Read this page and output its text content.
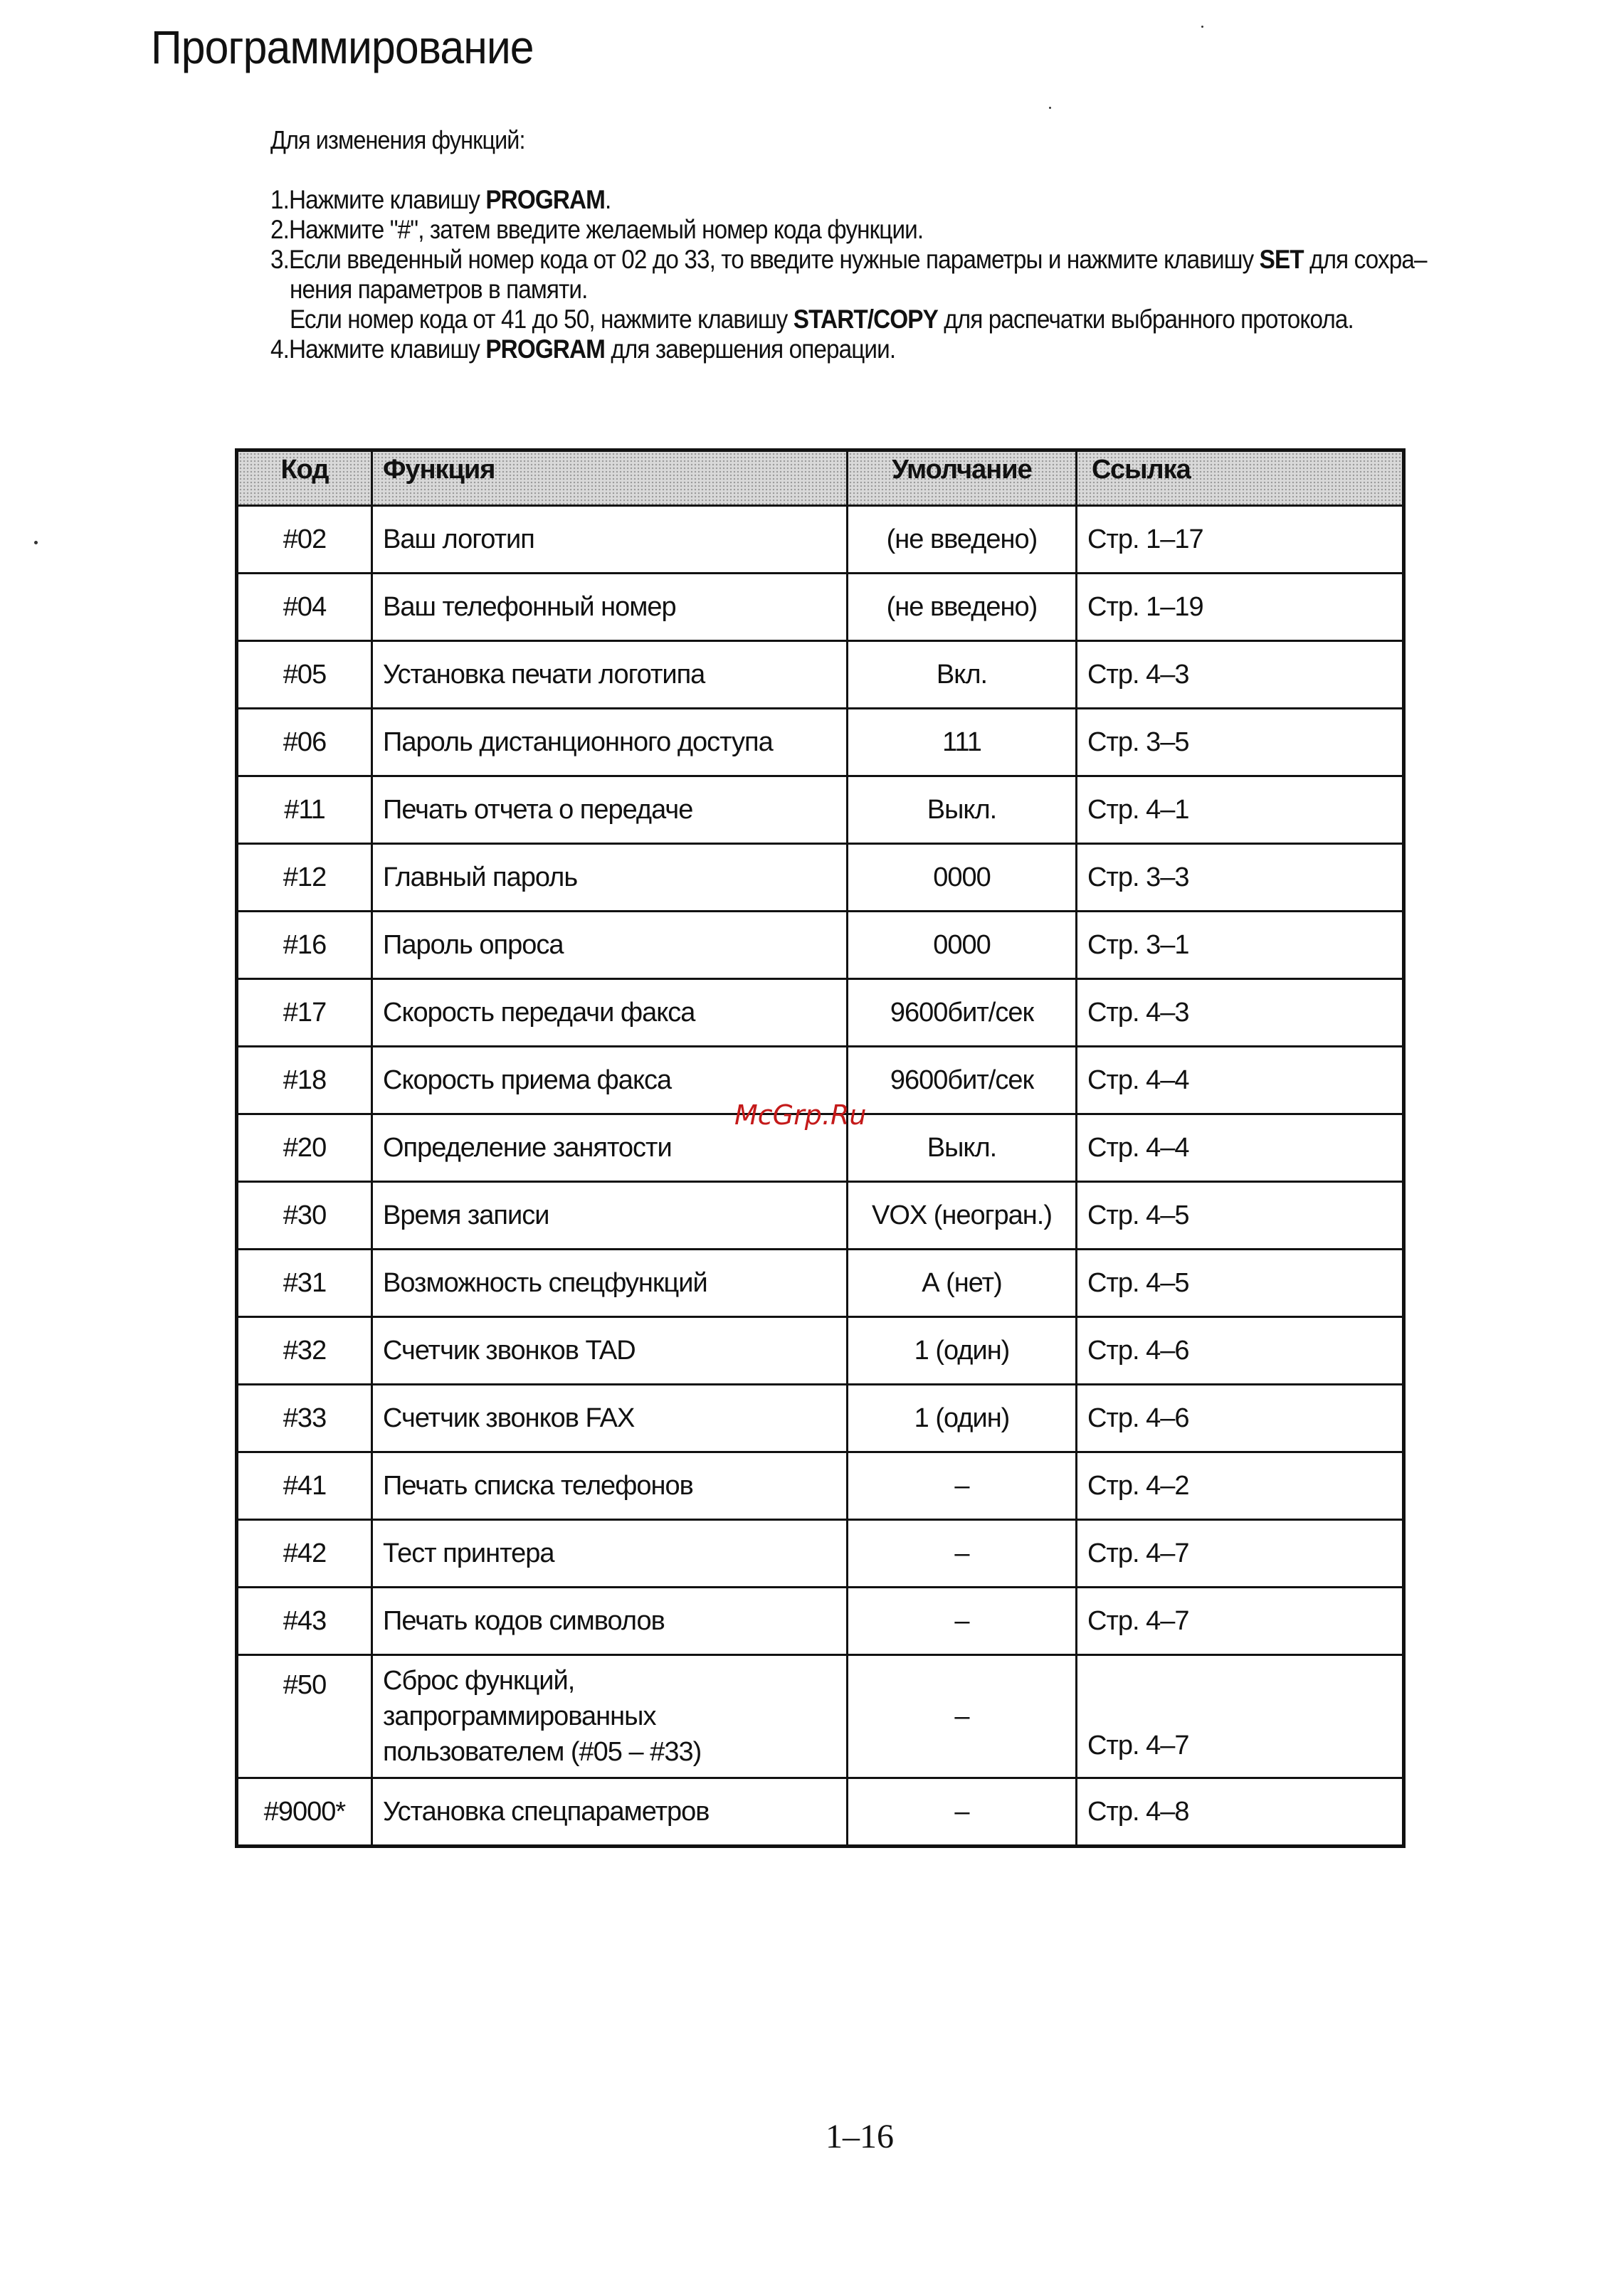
Программирование
Для изменения функций:
1.Нажмите клавишу PROGRAM.
2.Нажмите "#", затем введите желаемый номер кода функции.
3.Если введенный номер кода от 02 до 33, то введите нужные параметры и нажмите клавишу SET для сохра–
нения параметров в памяти.
Если номер кода от 41 до 50, нажмите клавишу START/COPY для распечатки выбранного протокола.
4.Нажмите клавишу PROGRAM для завершения операции.
Код	Функция	Умолчание	Ссылка
#02	Ваш логотип	(не введено)	Стр. 1–17
#04	Ваш телефонный номер	(не введено)	Стр. 1–19
#05	Установка печати логотипа	Вкл.	Стр. 4–3
#06	Пароль дистанционного доступа	111	Стр. 3–5
#11	Печать отчета о передаче	Выкл.	Стр. 4–1
#12	Главный пароль	0000	Стр. 3–3
#16	Пароль опроса	0000	Стр. 3–1
#17	Скорость передачи факса	9600бит/сек	Стр. 4–3
#18	Скорость приема факса	9600бит/сек	Стр. 4–4
#20	Определение занятости	Выкл.	Стр. 4–4
#30	Время записи	VOX (неогран.)	Стр. 4–5
#31	Возможность спецфункций	А (нет)	Стр. 4–5
#32	Счетчик звонков TAD	1 (один)	Стр. 4–6
#33	Счетчик звонков FAX	1 (один)	Стр. 4–6
#41	Печать списка телефонов	–	Стр. 4–2
#42	Тест принтера	–	Стр. 4–7
#43	Печать кодов символов	–	Стр. 4–7
#50	Сброс функций, запрограммированных пользователем (#05 – #33)	–	Стр. 4–7
#9000*	Установка спецпараметров	–	Стр. 4–8
McGrp.Ru
1–16
